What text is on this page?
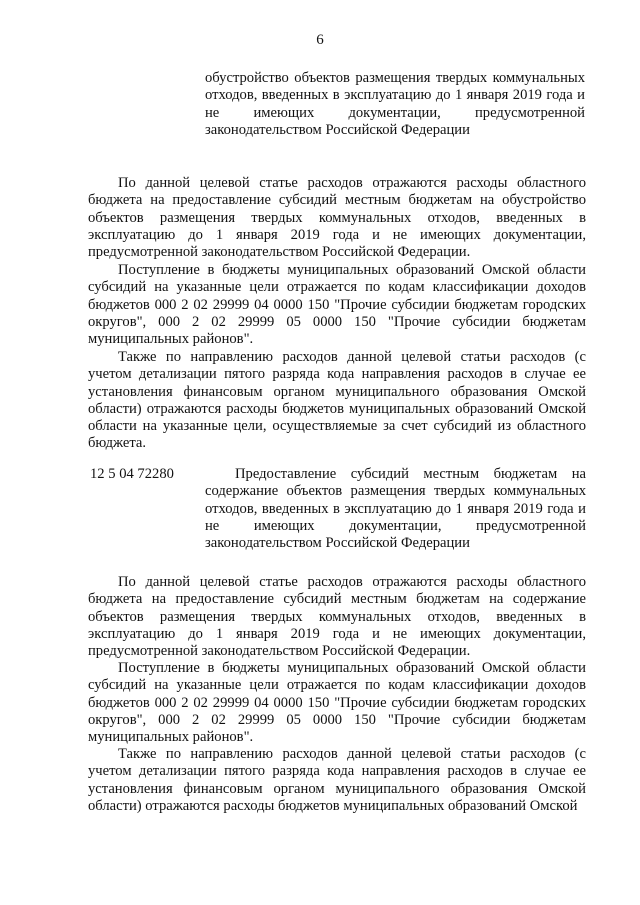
6

обустройство объектов размещения твердых коммунальных отходов, введенных в эксплуатацию до 1 января 2019 года и не имеющих документации, предусмотренной законодательством Российской Федерации

По данной целевой статье расходов отражаются расходы областного бюджета на предоставление субсидий местным бюджетам на обустройство объектов размещения твердых коммунальных отходов, введенных в эксплуатацию до 1 января 2019 года и не имеющих документации, предусмотренной законодательством Российской Федерации.

Поступление в бюджеты муниципальных образований Омской области субсидий на указанные цели отражается по кодам классификации доходов бюджетов 000 2 02 29999 04 0000 150 "Прочие субсидии бюджетам городских округов", 000 2 02 29999 05 0000 150 "Прочие субсидии бюджетам муниципальных районов".

Также по направлению расходов данной целевой статьи расходов (с учетом детализации пятого разряда кода направления расходов в случае ее установления финансовым органом муниципального образования Омской области) отражаются расходы бюджетов муниципальных образований Омской области на указанные цели, осуществляемые за счет субсидий из областного бюджета.

12 5 04 72280	Предоставление субсидий местным бюджетам на содержание объектов размещения твердых коммунальных отходов, введенных в эксплуатацию до 1 января 2019 года и не имеющих документации, предусмотренной законодательством Российской Федерации

По данной целевой статье расходов отражаются расходы областного бюджета на предоставление субсидий местным бюджетам на содержание объектов размещения твердых коммунальных отходов, введенных в эксплуатацию до 1 января 2019 года и не имеющих документации, предусмотренной законодательством Российской Федерации.

Поступление в бюджеты муниципальных образований Омской области субсидий на указанные цели отражается по кодам классификации доходов бюджетов 000 2 02 29999 04 0000 150 "Прочие субсидии бюджетам городских округов", 000 2 02 29999 05 0000 150 "Прочие субсидии бюджетам муниципальных районов".

Также по направлению расходов данной целевой статьи расходов (с учетом детализации пятого разряда кода направления расходов в случае ее установления финансовым органом муниципального образования Омской области) отражаются расходы бюджетов муниципальных образований Омской
